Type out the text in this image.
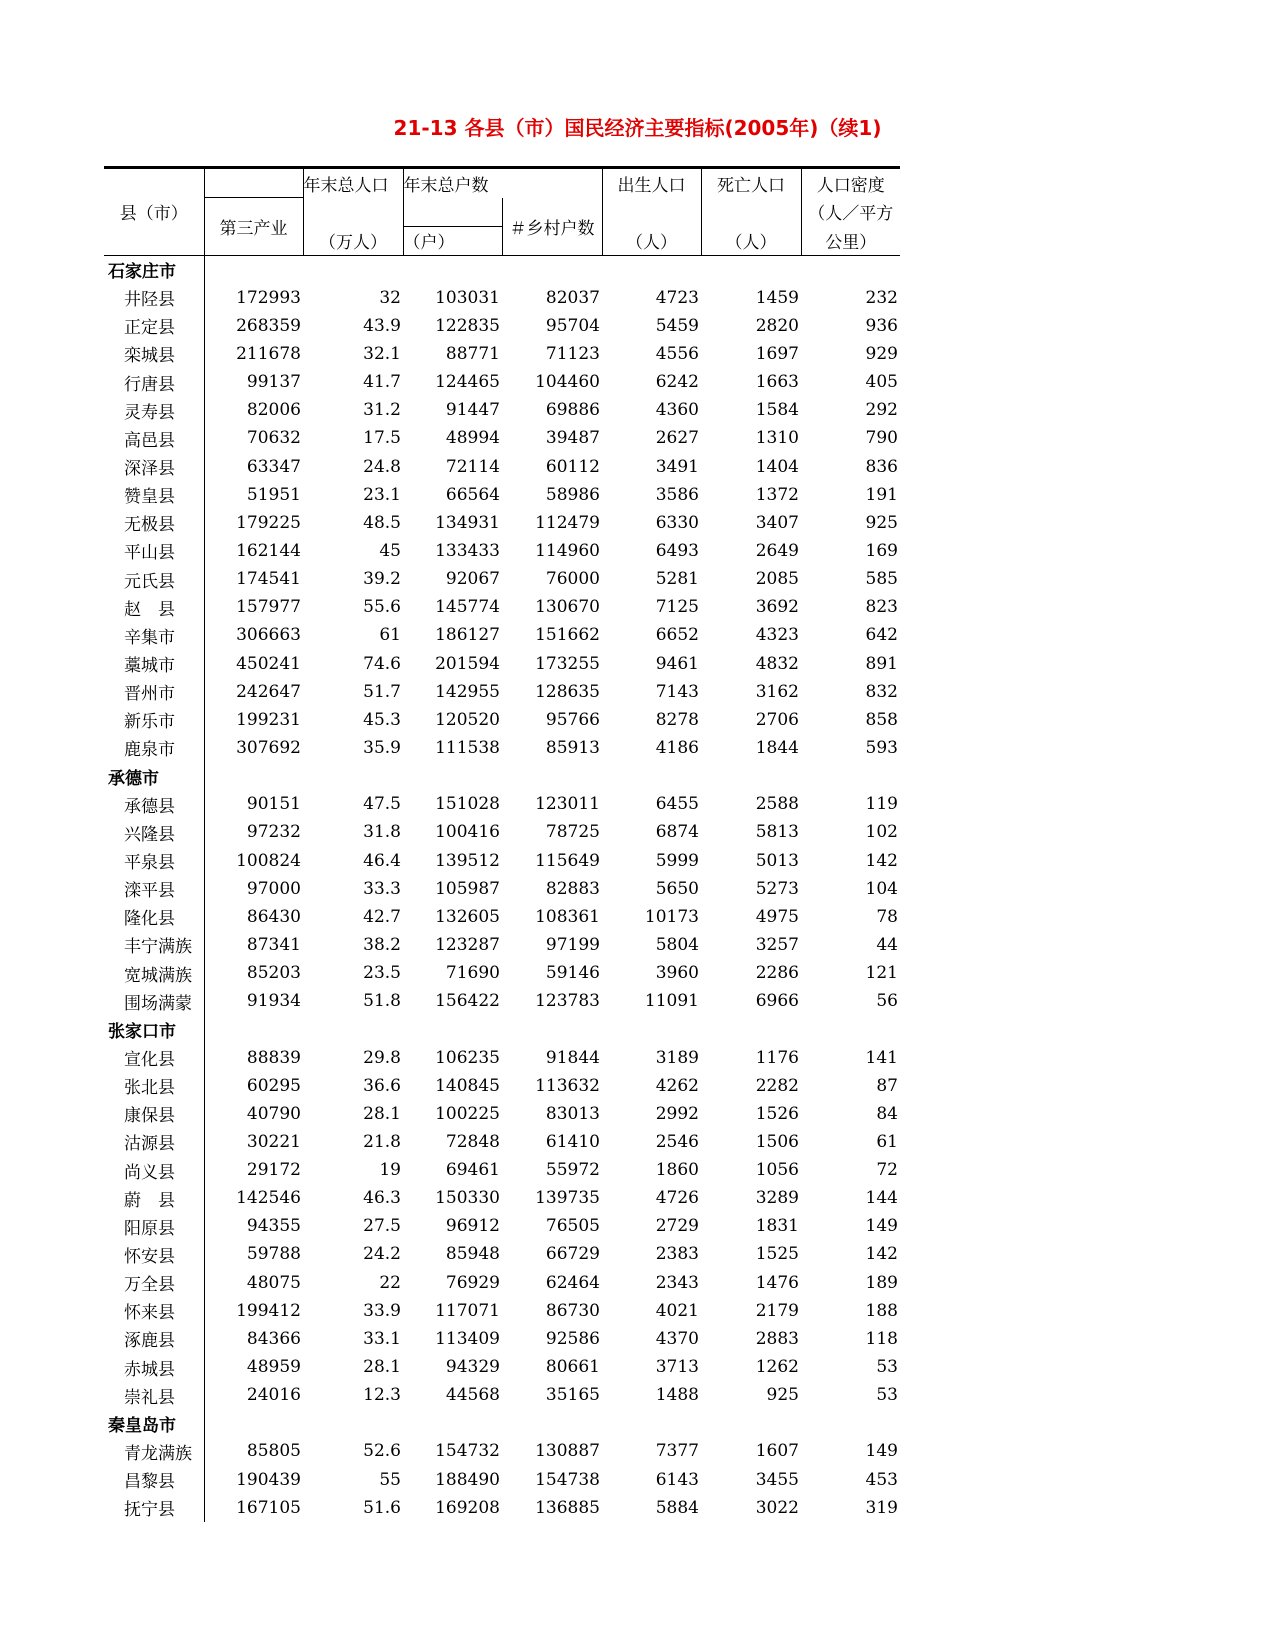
21-13 各县（市）国民经济主要指标(2005年)（续1)
县（市）		年末总人口	年末总户数		出生人口	死亡人口	人口密度
	第三产业			＃乡村户数			（人／平方
		（万人）	（户）		（人）	（人）	公里）
石家庄市							
井陉县	172993	32	103031	82037	4723	1459	232
正定县	268359	43.9	122835	95704	5459	2820	936
栾城县	211678	32.1	88771	71123	4556	1697	929
行唐县	99137	41.7	124465	104460	6242	1663	405
灵寿县	82006	31.2	91447	69886	4360	1584	292
高邑县	70632	17.5	48994	39487	2627	1310	790
深泽县	63347	24.8	72114	60112	3491	1404	836
赞皇县	51951	23.1	66564	58986	3586	1372	191
无极县	179225	48.5	134931	112479	6330	3407	925
平山县	162144	45	133433	114960	6493	2649	169
元氏县	174541	39.2	92067	76000	5281	2085	585
赵　县	157977	55.6	145774	130670	7125	3692	823
辛集市	306663	61	186127	151662	6652	4323	642
藁城市	450241	74.6	201594	173255	9461	4832	891
晋州市	242647	51.7	142955	128635	7143	3162	832
新乐市	199231	45.3	120520	95766	8278	2706	858
鹿泉市	307692	35.9	111538	85913	4186	1844	593
承德市							
承德县	90151	47.5	151028	123011	6455	2588	119
兴隆县	97232	31.8	100416	78725	6874	5813	102
平泉县	100824	46.4	139512	115649	5999	5013	142
滦平县	97000	33.3	105987	82883	5650	5273	104
隆化县	86430	42.7	132605	108361	10173	4975	78
丰宁满族	87341	38.2	123287	97199	5804	3257	44
宽城满族	85203	23.5	71690	59146	3960	2286	121
围场满蒙	91934	51.8	156422	123783	11091	6966	56
张家口市							
宣化县	88839	29.8	106235	91844	3189	1176	141
张北县	60295	36.6	140845	113632	4262	2282	87
康保县	40790	28.1	100225	83013	2992	1526	84
沽源县	30221	21.8	72848	61410	2546	1506	61
尚义县	29172	19	69461	55972	1860	1056	72
蔚　县	142546	46.3	150330	139735	4726	3289	144
阳原县	94355	27.5	96912	76505	2729	1831	149
怀安县	59788	24.2	85948	66729	2383	1525	142
万全县	48075	22	76929	62464	2343	1476	189
怀来县	199412	33.9	117071	86730	4021	2179	188
涿鹿县	84366	33.1	113409	92586	4370	2883	118
赤城县	48959	28.1	94329	80661	3713	1262	53
崇礼县	24016	12.3	44568	35165	1488	925	53
秦皇岛市							
青龙满族	85805	52.6	154732	130887	7377	1607	149
昌黎县	190439	55	188490	154738	6143	3455	453
抚宁县	167105	51.6	169208	136885	5884	3022	319
